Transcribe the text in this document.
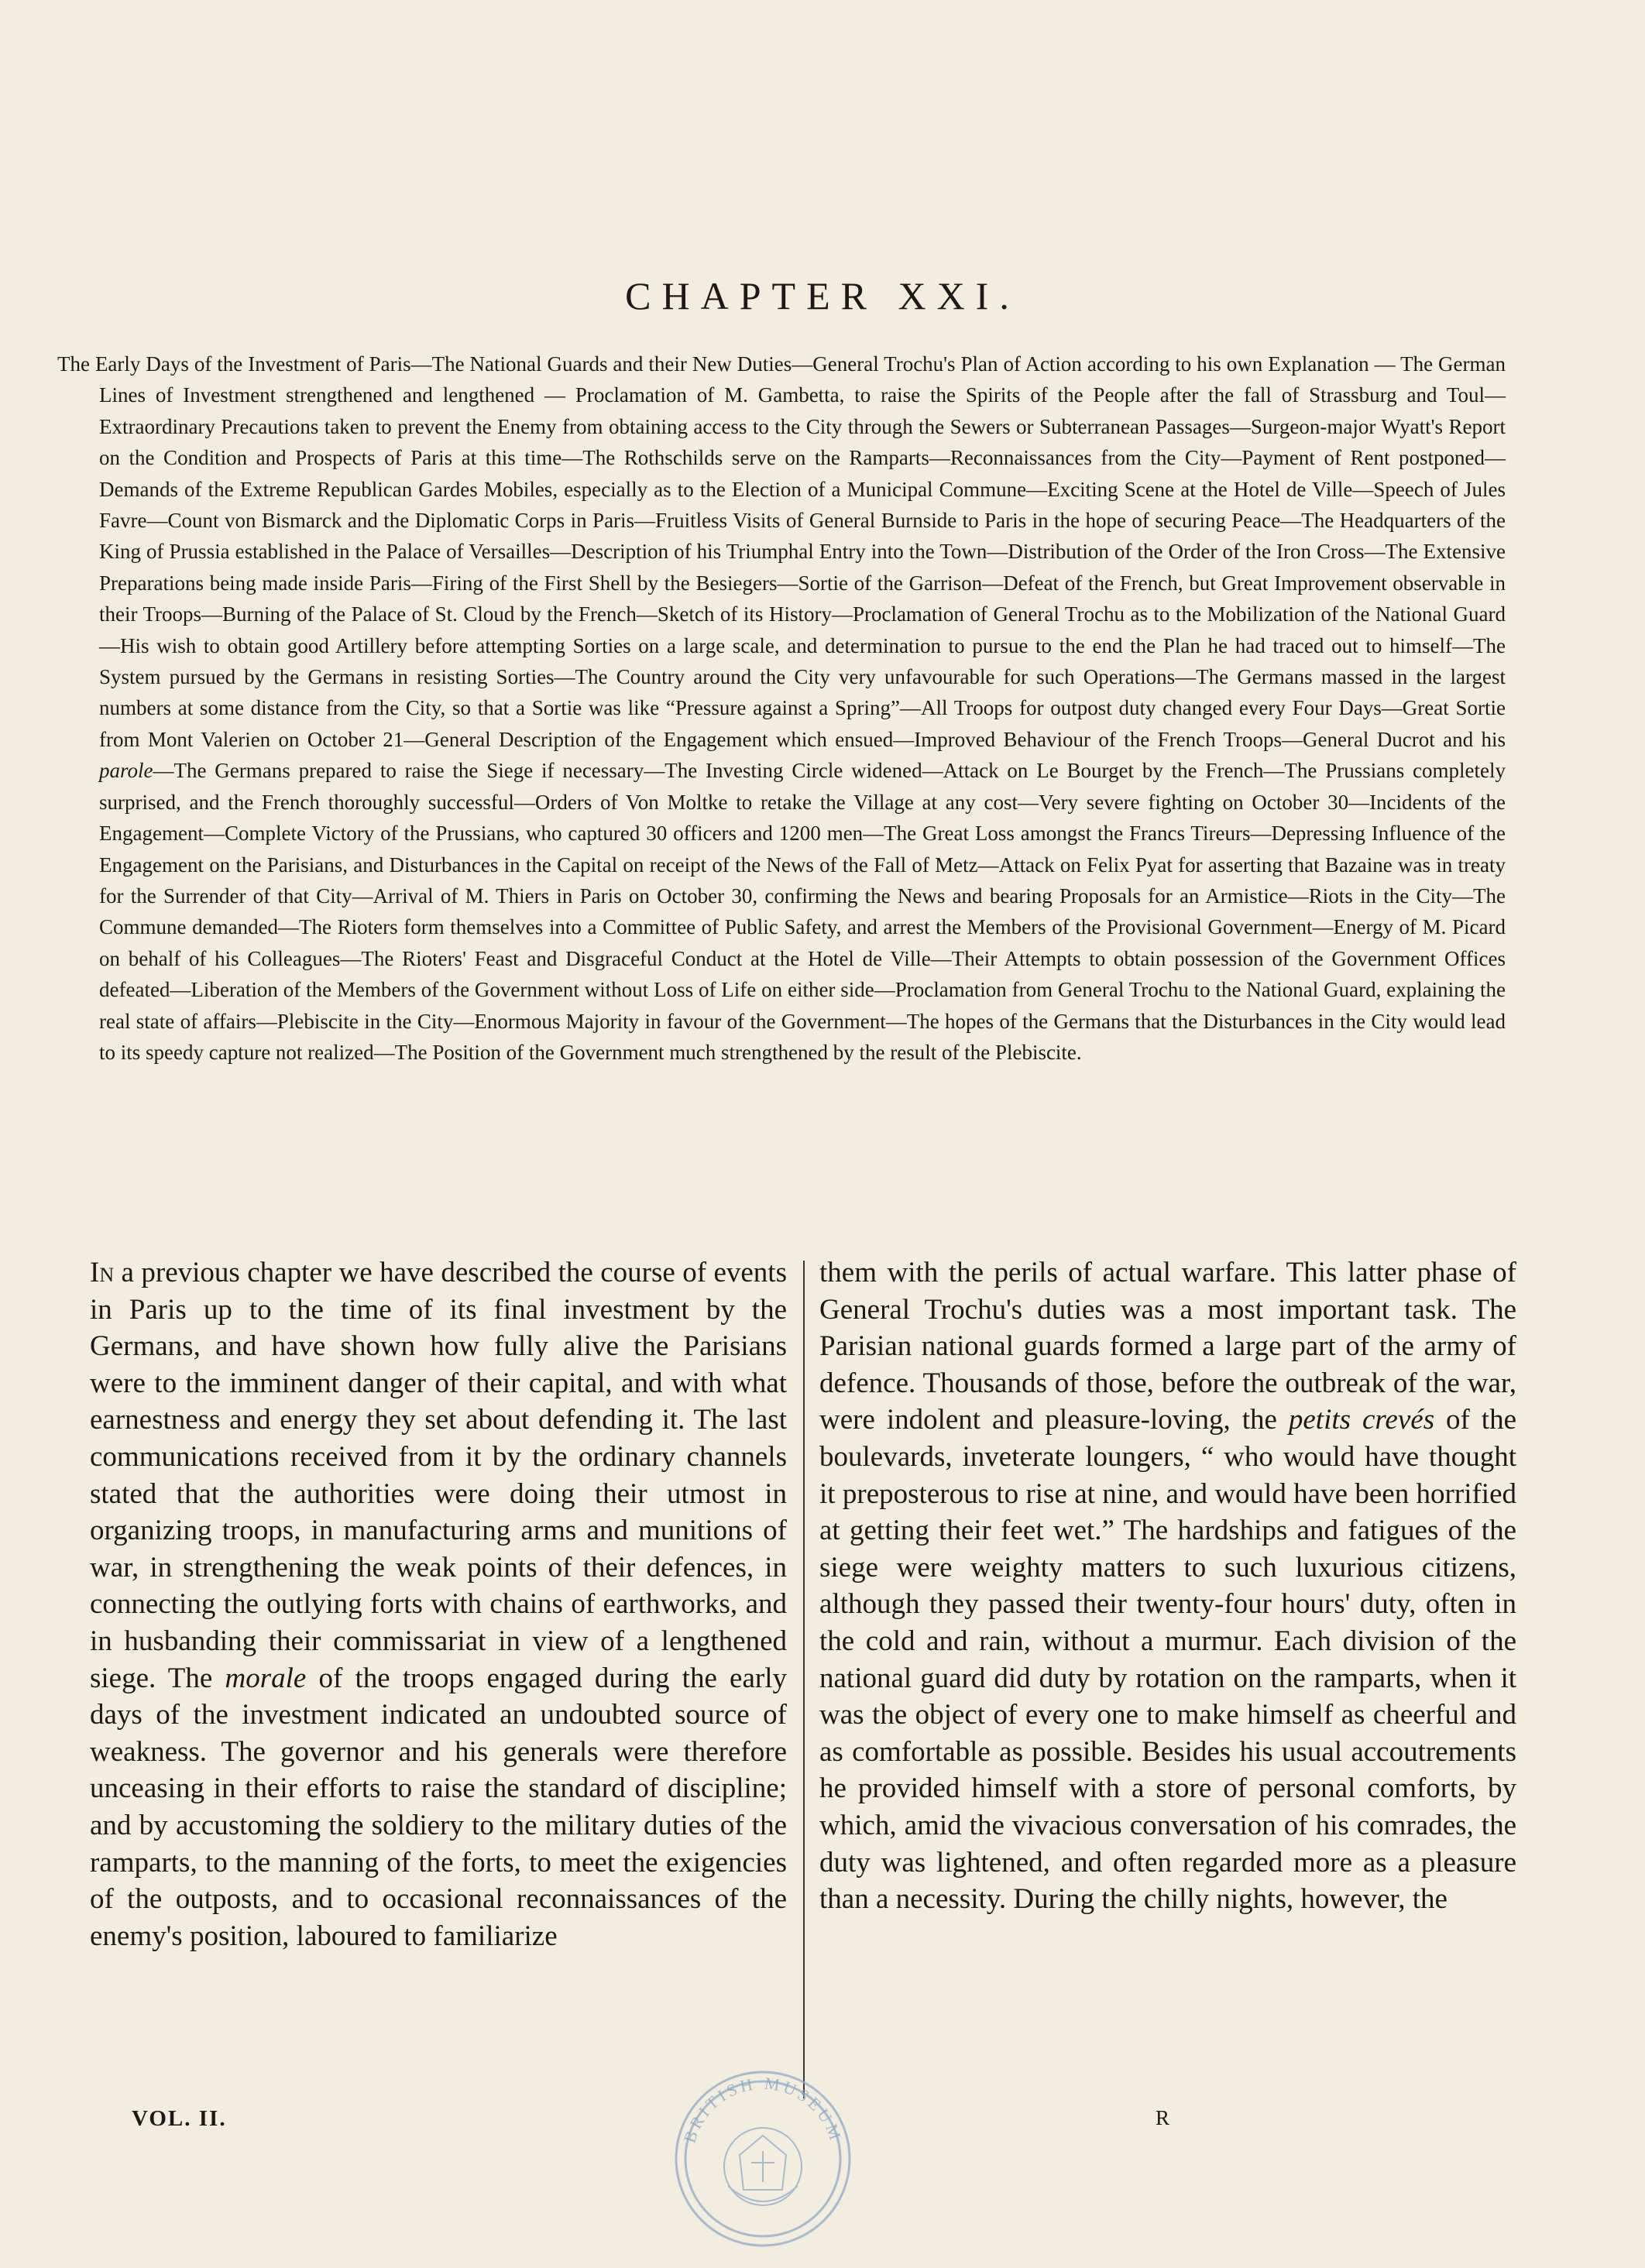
CHAPTER XXI.

The Early Days of the Investment of Paris—The National Guards and their New Duties—General Trochu's Plan of Action according to his own Explanation — The German Lines of Investment strengthened and lengthened — Proclamation of M. Gambetta, to raise the Spirits of the People after the fall of Strassburg and Toul—Extraordinary Precautions taken to prevent the Enemy from obtaining access to the City through the Sewers or Subterranean Passages—Surgeon-major Wyatt's Report on the Condition and Prospects of Paris at this time—The Rothschilds serve on the Ramparts—Reconnaissances from the City—Payment of Rent postponed—Demands of the Extreme Republican Gardes Mobiles, especially as to the Election of a Municipal Commune—Exciting Scene at the Hotel de Ville—Speech of Jules Favre—Count von Bismarck and the Diplomatic Corps in Paris—Fruitless Visits of General Burnside to Paris in the hope of securing Peace—The Headquarters of the King of Prussia established in the Palace of Versailles—Description of his Triumphal Entry into the Town—Distribution of the Order of the Iron Cross—The Extensive Preparations being made inside Paris—Firing of the First Shell by the Besiegers—Sortie of the Garrison—Defeat of the French, but Great Improvement observable in their Troops—Burning of the Palace of St. Cloud by the French—Sketch of its History—Proclamation of General Trochu as to the Mobilization of the National Guard—His wish to obtain good Artillery before attempting Sorties on a large scale, and determination to pursue to the end the Plan he had traced out to himself—The System pursued by the Germans in resisting Sorties—The Country around the City very unfavourable for such Operations—The Germans massed in the largest numbers at some distance from the City, so that a Sortie was like “Pressure against a Spring”—All Troops for outpost duty changed every Four Days—Great Sortie from Mont Valerien on October 21—General Description of the Engagement which ensued—Improved Behaviour of the French Troops—General Ducrot and his parole—The Germans prepared to raise the Siege if necessary—The Investing Circle widened—Attack on Le Bourget by the French—The Prussians completely surprised, and the French thoroughly successful—Orders of Von Moltke to retake the Village at any cost—Very severe fighting on October 30—Incidents of the Engagement—Complete Victory of the Prussians, who captured 30 officers and 1200 men—The Great Loss amongst the Francs Tireurs—Depressing Influence of the Engagement on the Parisians, and Disturbances in the Capital on receipt of the News of the Fall of Metz—Attack on Felix Pyat for asserting that Bazaine was in treaty for the Surrender of that City—Arrival of M. Thiers in Paris on October 30, confirming the News and bearing Proposals for an Armistice—Riots in the City—The Commune demanded—The Rioters form themselves into a Committee of Public Safety, and arrest the Members of the Provisional Government—Energy of M. Picard on behalf of his Colleagues—The Rioters' Feast and Disgraceful Conduct at the Hotel de Ville—Their Attempts to obtain possession of the Government Offices defeated—Liberation of the Members of the Government without Loss of Life on either side—Proclamation from General Trochu to the National Guard, explaining the real state of affairs—Plebiscite in the City—Enormous Majority in favour of the Government—The hopes of the Germans that the Disturbances in the City would lead to its speedy capture not realized—The Position of the Government much strengthened by the result of the Plebiscite.

In a previous chapter we have described the course of events in Paris up to the time of its final investment by the Germans, and have shown how fully alive the Parisians were to the imminent danger of their capital, and with what earnestness and energy they set about defending it. The last communications received from it by the ordinary channels stated that the authorities were doing their utmost in organizing troops, in manufacturing arms and munitions of war, in strengthening the weak points of their defences, in connecting the outlying forts with chains of earthworks, and in husbanding their commissariat in view of a lengthened siege. The morale of the troops engaged during the early days of the investment indicated an undoubted source of weakness. The governor and his generals were therefore unceasing in their efforts to raise the standard of discipline; and by accustoming the soldiery to the military duties of the ramparts, to the manning of the forts, to meet the exigencies of the outposts, and to occasional reconnaissances of the enemy's position, laboured to familiarize

them with the perils of actual warfare. This latter phase of General Trochu's duties was a most important task. The Parisian national guards formed a large part of the army of defence. Thousands of those, before the outbreak of the war, were indolent and pleasure-loving, the petits crevés of the boulevards, inveterate loungers, “ who would have thought it preposterous to rise at nine, and would have been horrified at getting their feet wet.” The hardships and fatigues of the siege were weighty matters to such luxurious citizens, although they passed their twenty-four hours' duty, often in the cold and rain, without a murmur. Each division of the national guard did duty by rotation on the ramparts, when it was the object of every one to make himself as cheerful and as comfortable as possible. Besides his usual accoutrements he provided himself with a store of personal comforts, by which, amid the vivacious conversation of his comrades, the duty was lightened, and often regarded more as a pleasure than a necessity. During the chilly nights, however, the

VOL. II.	R
BRITISH MUSEUM
